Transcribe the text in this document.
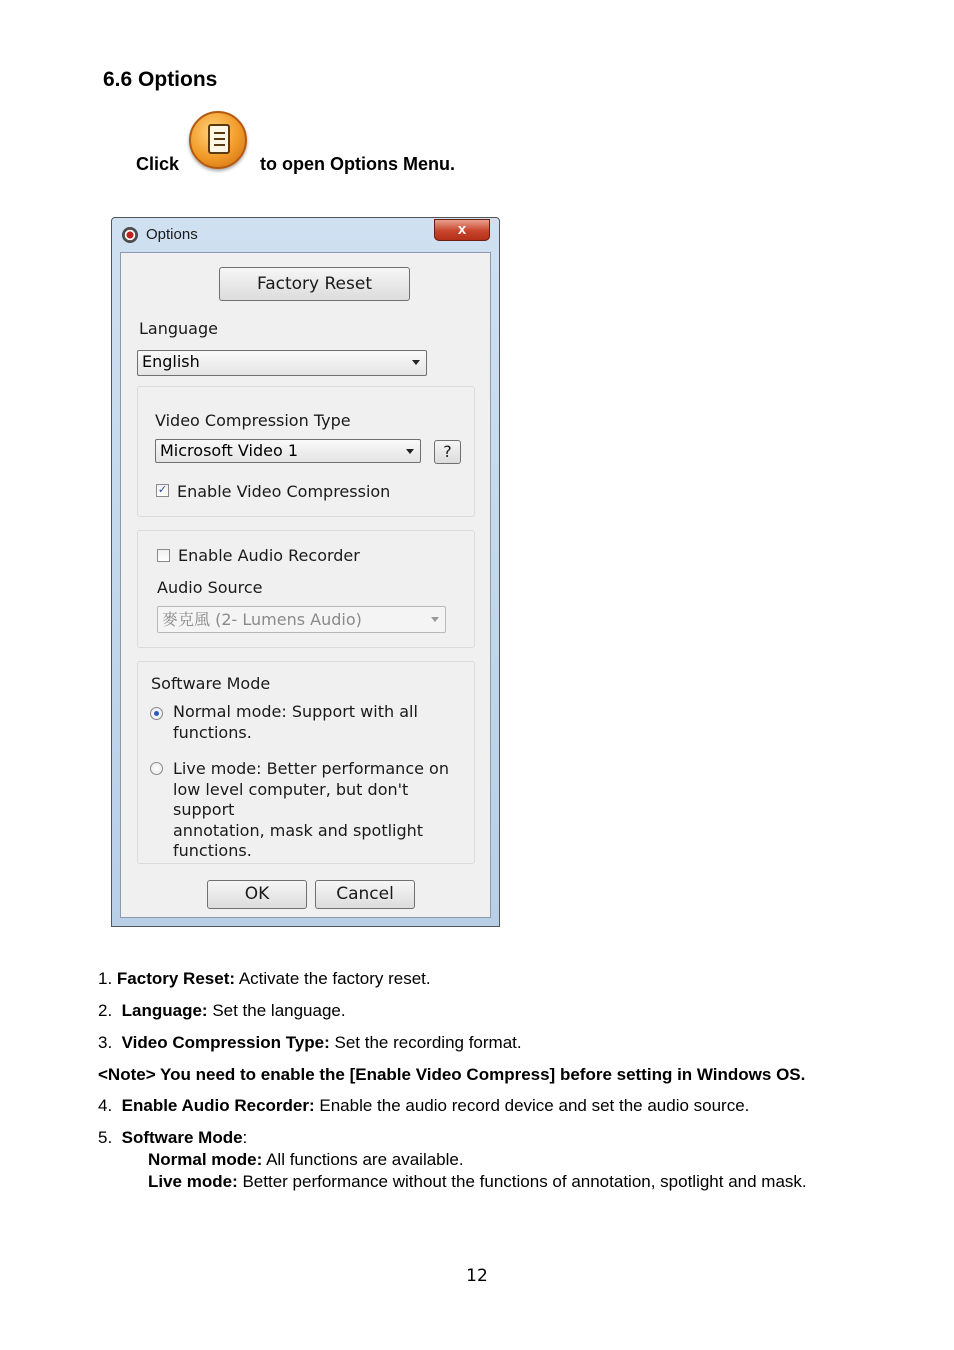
6.6 Options
Click	to open Options Menu.
Options	x
Factory Reset
Language
English
Video Compression Type
Microsoft Video 1	?
✓ Enable Video Compression
Enable Audio Recorder
Audio Source
麥克風 (2- Lumens Audio)
Software Mode
Normal mode: Support with all
functions.
Live mode: Better performance on
low level computer, but don't support
annotation, mask and spotlight
functions.
OK	Cancel
1. Factory Reset: Activate the factory reset.
2. Language: Set the language.
3. Video Compression Type: Set the recording format.
<Note> You need to enable the [Enable Video Compress] before setting in Windows OS.
4. Enable Audio Recorder: Enable the audio record device and set the audio source.
5. Software Mode:
Normal mode: All functions are available.
Live mode: Better performance without the functions of annotation, spotlight and mask.
12
